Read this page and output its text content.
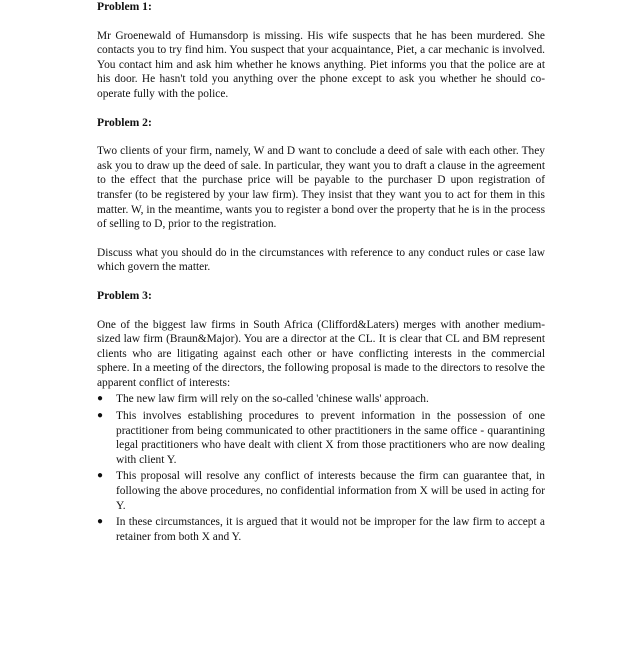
Problem 1:

Mr Groenewald of Humansdorp is missing. His wife suspects that he has been murdered. She contacts you to try find him. You suspect that your acquaintance, Piet, a car mechanic is involved. You contact him and ask him whether he knows anything. Piet informs you that the police are at his door. He hasn't told you anything over the phone except to ask you whether he should co-operate fully with the police.

Problem 2:

Two clients of your firm, namely, W and D want to conclude a deed of sale with each other. They ask you to draw up the deed of sale. In particular, they want you to draft a clause in the agreement to the effect that the purchase price will be payable to the purchaser D upon registration of transfer (to be registered by your law firm). They insist that they want you to act for them in this matter. W, in the meantime, wants you to register a bond over the property that he is in the process of selling to D, prior to the registration.

Discuss what you should do in the circumstances with reference to any conduct rules or case law which govern the matter.

Problem 3:

One of the biggest law firms in South Africa (Clifford&Laters) merges with another medium-sized law firm (Braun&Major). You are a director at the CL. It is clear that CL and BM represent clients who are litigating against each other or have conflicting interests in the commercial sphere. In a meeting of the directors, the following proposal is made to the directors to resolve the apparent conflict of interests:

● The new law firm will rely on the so-called 'chinese walls' approach.
● This involves establishing procedures to prevent information in the possession of one practitioner from being communicated to other practitioners in the same office - quarantining legal practitioners who have dealt with client X from those practitioners who are now dealing with client Y.
● This proposal will resolve any conflict of interests because the firm can guarantee that, in following the above procedures, no confidential information from X will be used in acting for Y.
● In these circumstances, it is argued that it would not be improper for the law firm to accept a retainer from both X and Y.
